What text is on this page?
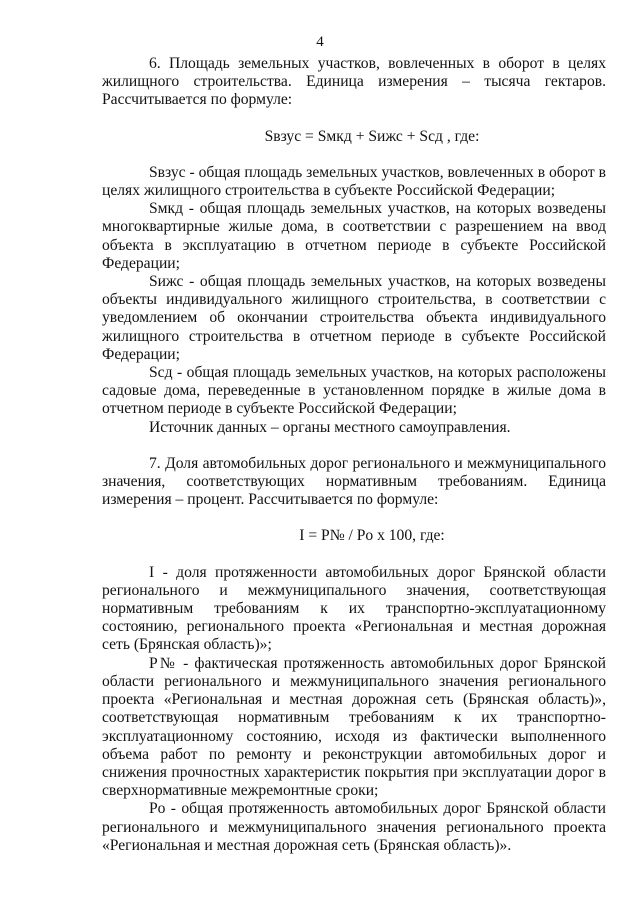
4

6. Площадь земельных участков, вовлеченных в оборот в целях жилищного строительства. Единица измерения – тысяча гектаров. Рассчитывается по формуле:

Sвзус = Sмкд + Sижс + Sсд , где:

Sвзус - общая площадь земельных участков, вовлеченных в оборот в целях жилищного строительства в субъекте Российской Федерации;

Sмкд - общая площадь земельных участков, на которых возведены многоквартирные жилые дома, в соответствии с разрешением на ввод объекта в эксплуатацию в отчетном периоде в субъекте Российской Федерации;

Sижс - общая площадь земельных участков, на которых возведены объекты индивидуального жилищного строительства, в соответствии с уведомлением об окончании строительства объекта индивидуального жилищного строительства в отчетном периоде в субъекте Российской Федерации;

Sсд - общая площадь земельных участков, на которых расположены садовые дома, переведенные в установленном порядке в жилые дома в отчетном периоде в субъекте Российской Федерации;

Источник данных – органы местного самоуправления.

7. Доля автомобильных дорог регионального и межмуниципального значения, соответствующих нормативным требованиям. Единица измерения – процент. Рассчитывается по формуле:

I = P№ / Po x 100, где:

I - доля протяженности автомобильных дорог Брянской области регионального и межмуниципального значения, соответствующая нормативным требованиям к их транспортно-эксплуатационному состоянию, регионального проекта «Региональная и местная дорожная сеть (Брянская область)»;

P№ - фактическая протяженность автомобильных дорог Брянской области регионального и межмуниципального значения регионального проекта «Региональная и местная дорожная сеть (Брянская область)», соответствующая нормативным требованиям к их транспортно-эксплуатационному состоянию, исходя из фактически выполненного объема работ по ремонту и реконструкции автомобильных дорог и снижения прочностных характеристик покрытия при эксплуатации дорог в сверхнормативные межремонтные сроки;

Po - общая протяженность автомобильных дорог Брянской области регионального и межмуниципального значения регионального проекта «Региональная и местная дорожная сеть (Брянская область)».
